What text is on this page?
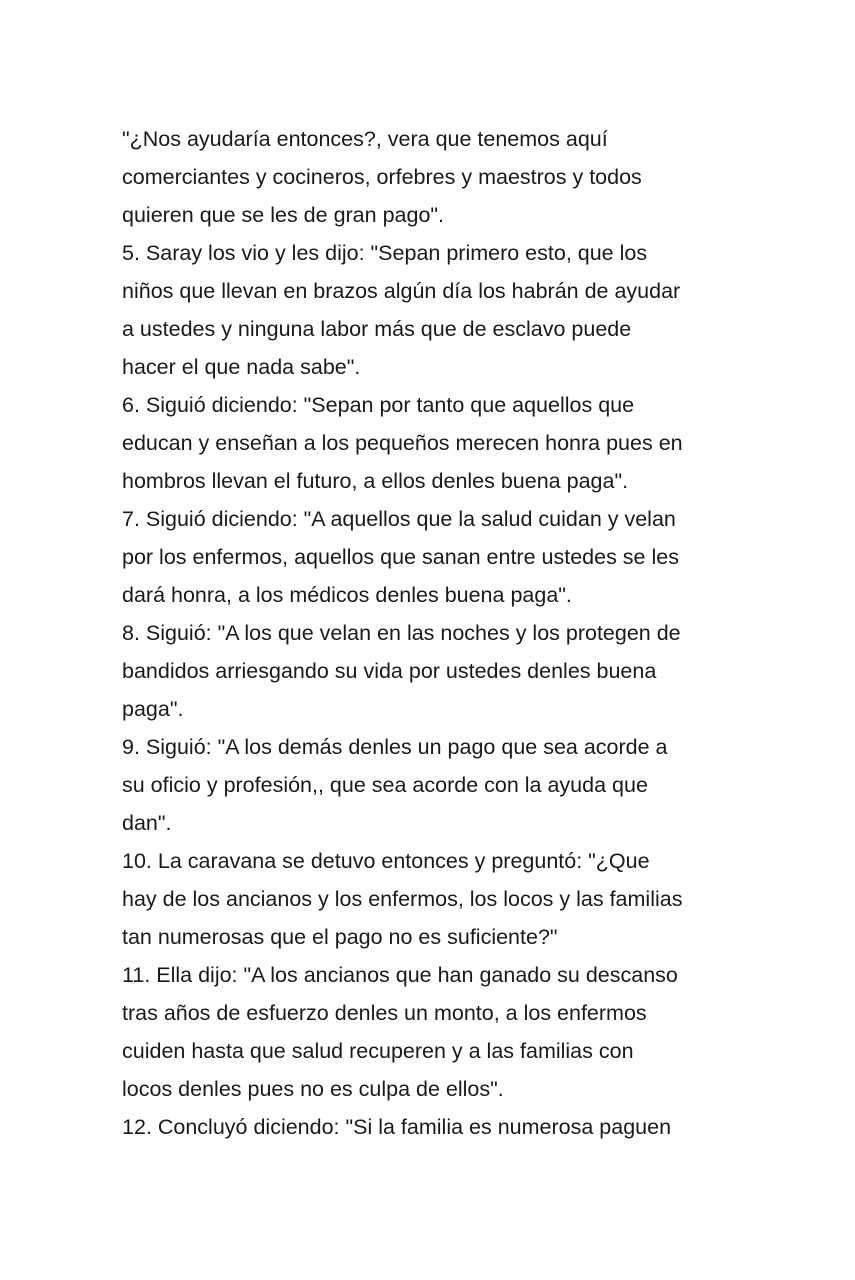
"¿Nos ayudaría entonces?, vera que tenemos aquí
comerciantes y cocineros, orfebres y maestros y todos
quieren que se les de gran pago".
5. Saray los vio y les dijo: "Sepan primero esto, que los
niños que llevan en brazos algún día los habrán de ayudar
a ustedes y ninguna labor más que de esclavo puede
hacer el que nada sabe".
6. Siguió diciendo: "Sepan por tanto que aquellos que
educan y enseñan a los pequeños merecen honra pues en
hombros llevan el futuro, a ellos denles buena paga".
7. Siguió diciendo: "A aquellos que la salud cuidan y velan
por los enfermos, aquellos que sanan entre ustedes se les
dará honra, a los médicos denles buena paga".
8. Siguió: "A los que velan en las noches y los protegen de
bandidos arriesgando su vida por ustedes denles buena
paga".
9. Siguió: "A los demás denles un pago que sea acorde a
su oficio y profesión,, que sea acorde con la ayuda que
dan".
10. La caravana se detuvo entonces y preguntó: "¿Que
hay de los ancianos y los enfermos, los locos y las familias
tan numerosas que el pago no es suficiente?"
11. Ella dijo: "A los ancianos que han ganado su descanso
tras años de esfuerzo denles un monto, a los enfermos
cuiden hasta que salud recuperen y a las familias con
locos denles pues no es culpa de ellos".
12. Concluyó diciendo: "Si la familia es numerosa paguen
